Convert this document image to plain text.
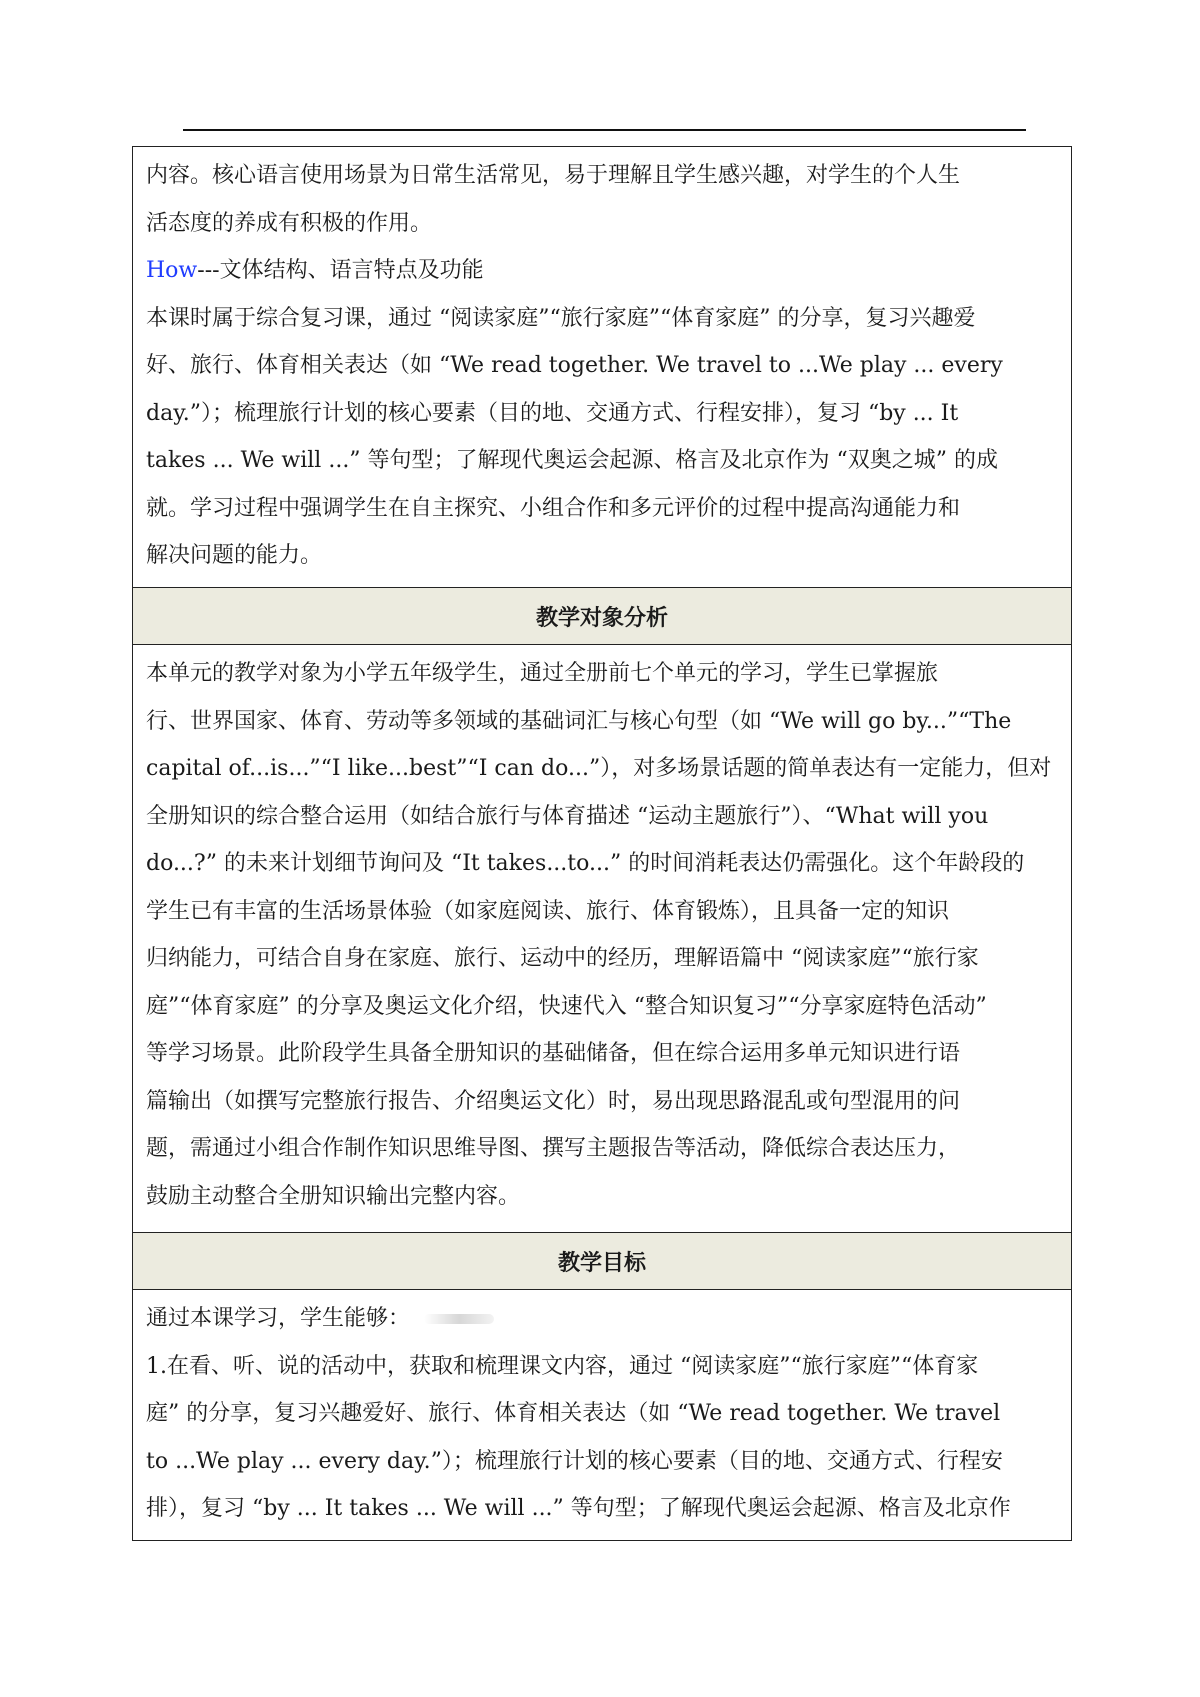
内容。核心语言使用场景为日常生活常见，易于理解且学生感兴趣，对学生的个人生

活态度的养成有积极的作用。

How---文体结构、语言特点及功能

本课时属于综合复习课，通过 “阅读家庭”“旅行家庭”“体育家庭” 的分享，复习兴趣爱

好、旅行、体育相关表达（如 “We read together. We travel to ...We play ... every

day.”）；梳理旅行计划的核心要素（目的地、交通方式、行程安排），复习 “by ... It

takes ... We will ...” 等句型；了解现代奥运会起源、格言及北京作为 “双奥之城” 的成

就。学习过程中强调学生在自主探究、小组合作和多元评价的过程中提高沟通能力和

解决问题的能力。

教学对象分析

本单元的教学对象为小学五年级学生，通过全册前七个单元的学习，学生已掌握旅

行、世界国家、体育、劳动等多领域的基础词汇与核心句型（如 “We will go by...”“The

capital of...is...”“I like...best”“I can do...”），对多场景话题的简单表达有一定能力，但对

全册知识的综合整合运用（如结合旅行与体育描述 “运动主题旅行”）、“What will you

do...?” 的未来计划细节询问及 “It takes...to...” 的时间消耗表达仍需强化。这个年龄段的

学生已有丰富的生活场景体验（如家庭阅读、旅行、体育锻炼），且具备一定的知识

归纳能力，可结合自身在家庭、旅行、运动中的经历，理解语篇中 “阅读家庭”“旅行家

庭”“体育家庭” 的分享及奥运文化介绍，快速代入 “整合知识复习”“分享家庭特色活动”

等学习场景。此阶段学生具备全册知识的基础储备，但在综合运用多单元知识进行语

篇输出（如撰写完整旅行报告、介绍奥运文化）时，易出现思路混乱或句型混用的问

题，需通过小组合作制作知识思维导图、撰写主题报告等活动，降低综合表达压力，

鼓励主动整合全册知识输出完整内容。

教学目标

通过本课学习，学生能够：

1.在看、听、说的活动中，获取和梳理课文内容，通过 “阅读家庭”“旅行家庭”“体育家

庭” 的分享，复习兴趣爱好、旅行、体育相关表达（如 “We read together. We travel

to ...We play ... every day.”）；梳理旅行计划的核心要素（目的地、交通方式、行程安

排），复习 “by ... It takes ... We will ...” 等句型；了解现代奥运会起源、格言及北京作
